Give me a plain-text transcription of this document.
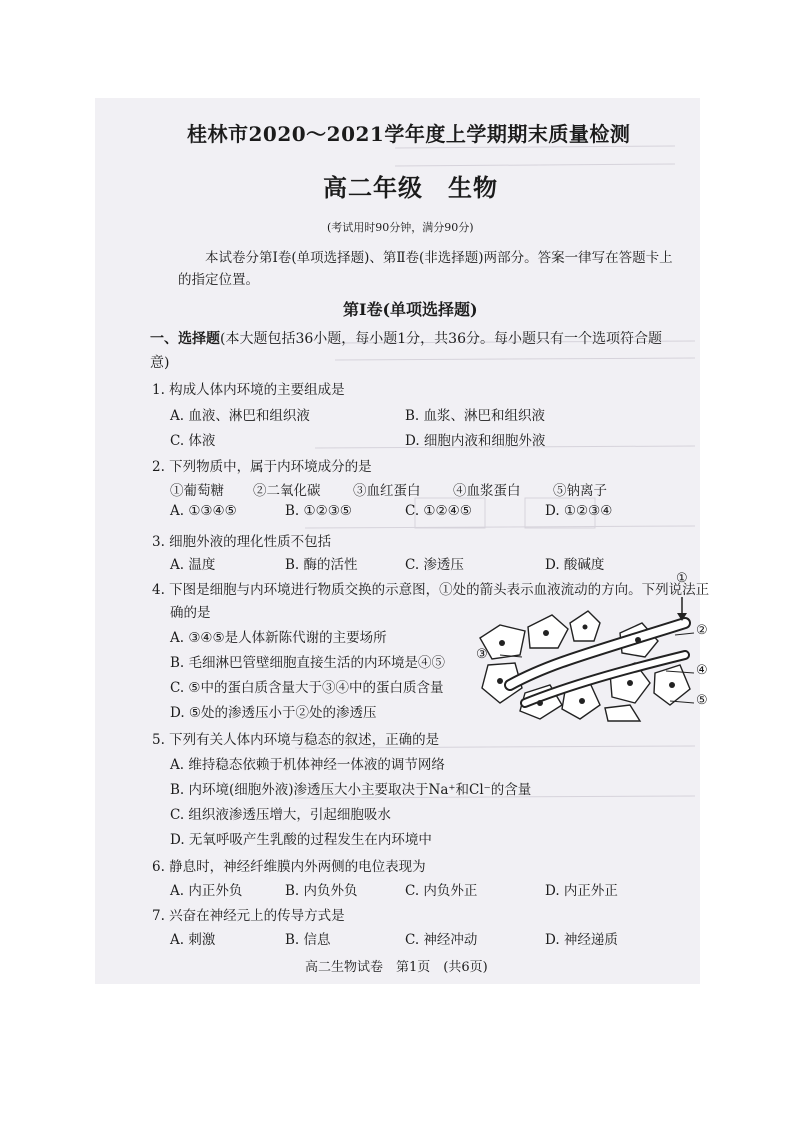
桂林市2020～2021学年度上学期期末质量检测
高二年级　生物
(考试用时90分钟，满分90分)
  本试卷分第Ⅰ卷(单项选择题)、第Ⅱ卷(非选择题)两部分。答案一律写在答题卡上的指定位置。
第Ⅰ卷(单项选择题)
一、选择题(本大题包括36小题，每小题1分，共36分。每小题只有一个选项符合题意)
1. 构成人体内环境的主要组成是
A. 血液、淋巴和组织液	B. 血浆、淋巴和组织液
C. 体液	D. 细胞内液和细胞外液
2. 下列物质中，属于内环境成分的是
①葡萄糖 ②二氧化碳 ③血红蛋白 ④血浆蛋白 ⑤钠离子
A. ①③④⑤	B. ①②③⑤	C. ①②④⑤	D. ①②③④
3. 细胞外液的理化性质不包括
A. 温度	B. 酶的活性	C. 渗透压	D. 酸碱度
4. 下图是细胞与内环境进行物质交换的示意图，①处的箭头表示血液流动的方向。下列说法正
确的是
A. ③④⑤是人体新陈代谢的主要场所
B. 毛细淋巴管壁细胞直接生活的内环境是④⑤
C. ⑤中的蛋白质含量大于③④中的蛋白质含量
D. ⑤处的渗透压小于②处的渗透压
①
②
③
④
⑤
5. 下列有关人体内环境与稳态的叙述，正确的是
A. 维持稳态依赖于机体神经一体液的调节网络
B. 内环境(细胞外液)渗透压大小主要取决于Na⁺和Cl⁻的含量
C. 组织液渗透压增大，引起细胞吸水
D. 无氧呼吸产生乳酸的过程发生在内环境中
6. 静息时，神经纤维膜内外两侧的电位表现为
A. 内正外负	B. 内负外负	C. 内负外正	D. 内正外正
7. 兴奋在神经元上的传导方式是
A. 刺激	B. 信息	C. 神经冲动	D. 神经递质
高二生物试卷　第1页　(共6页)
